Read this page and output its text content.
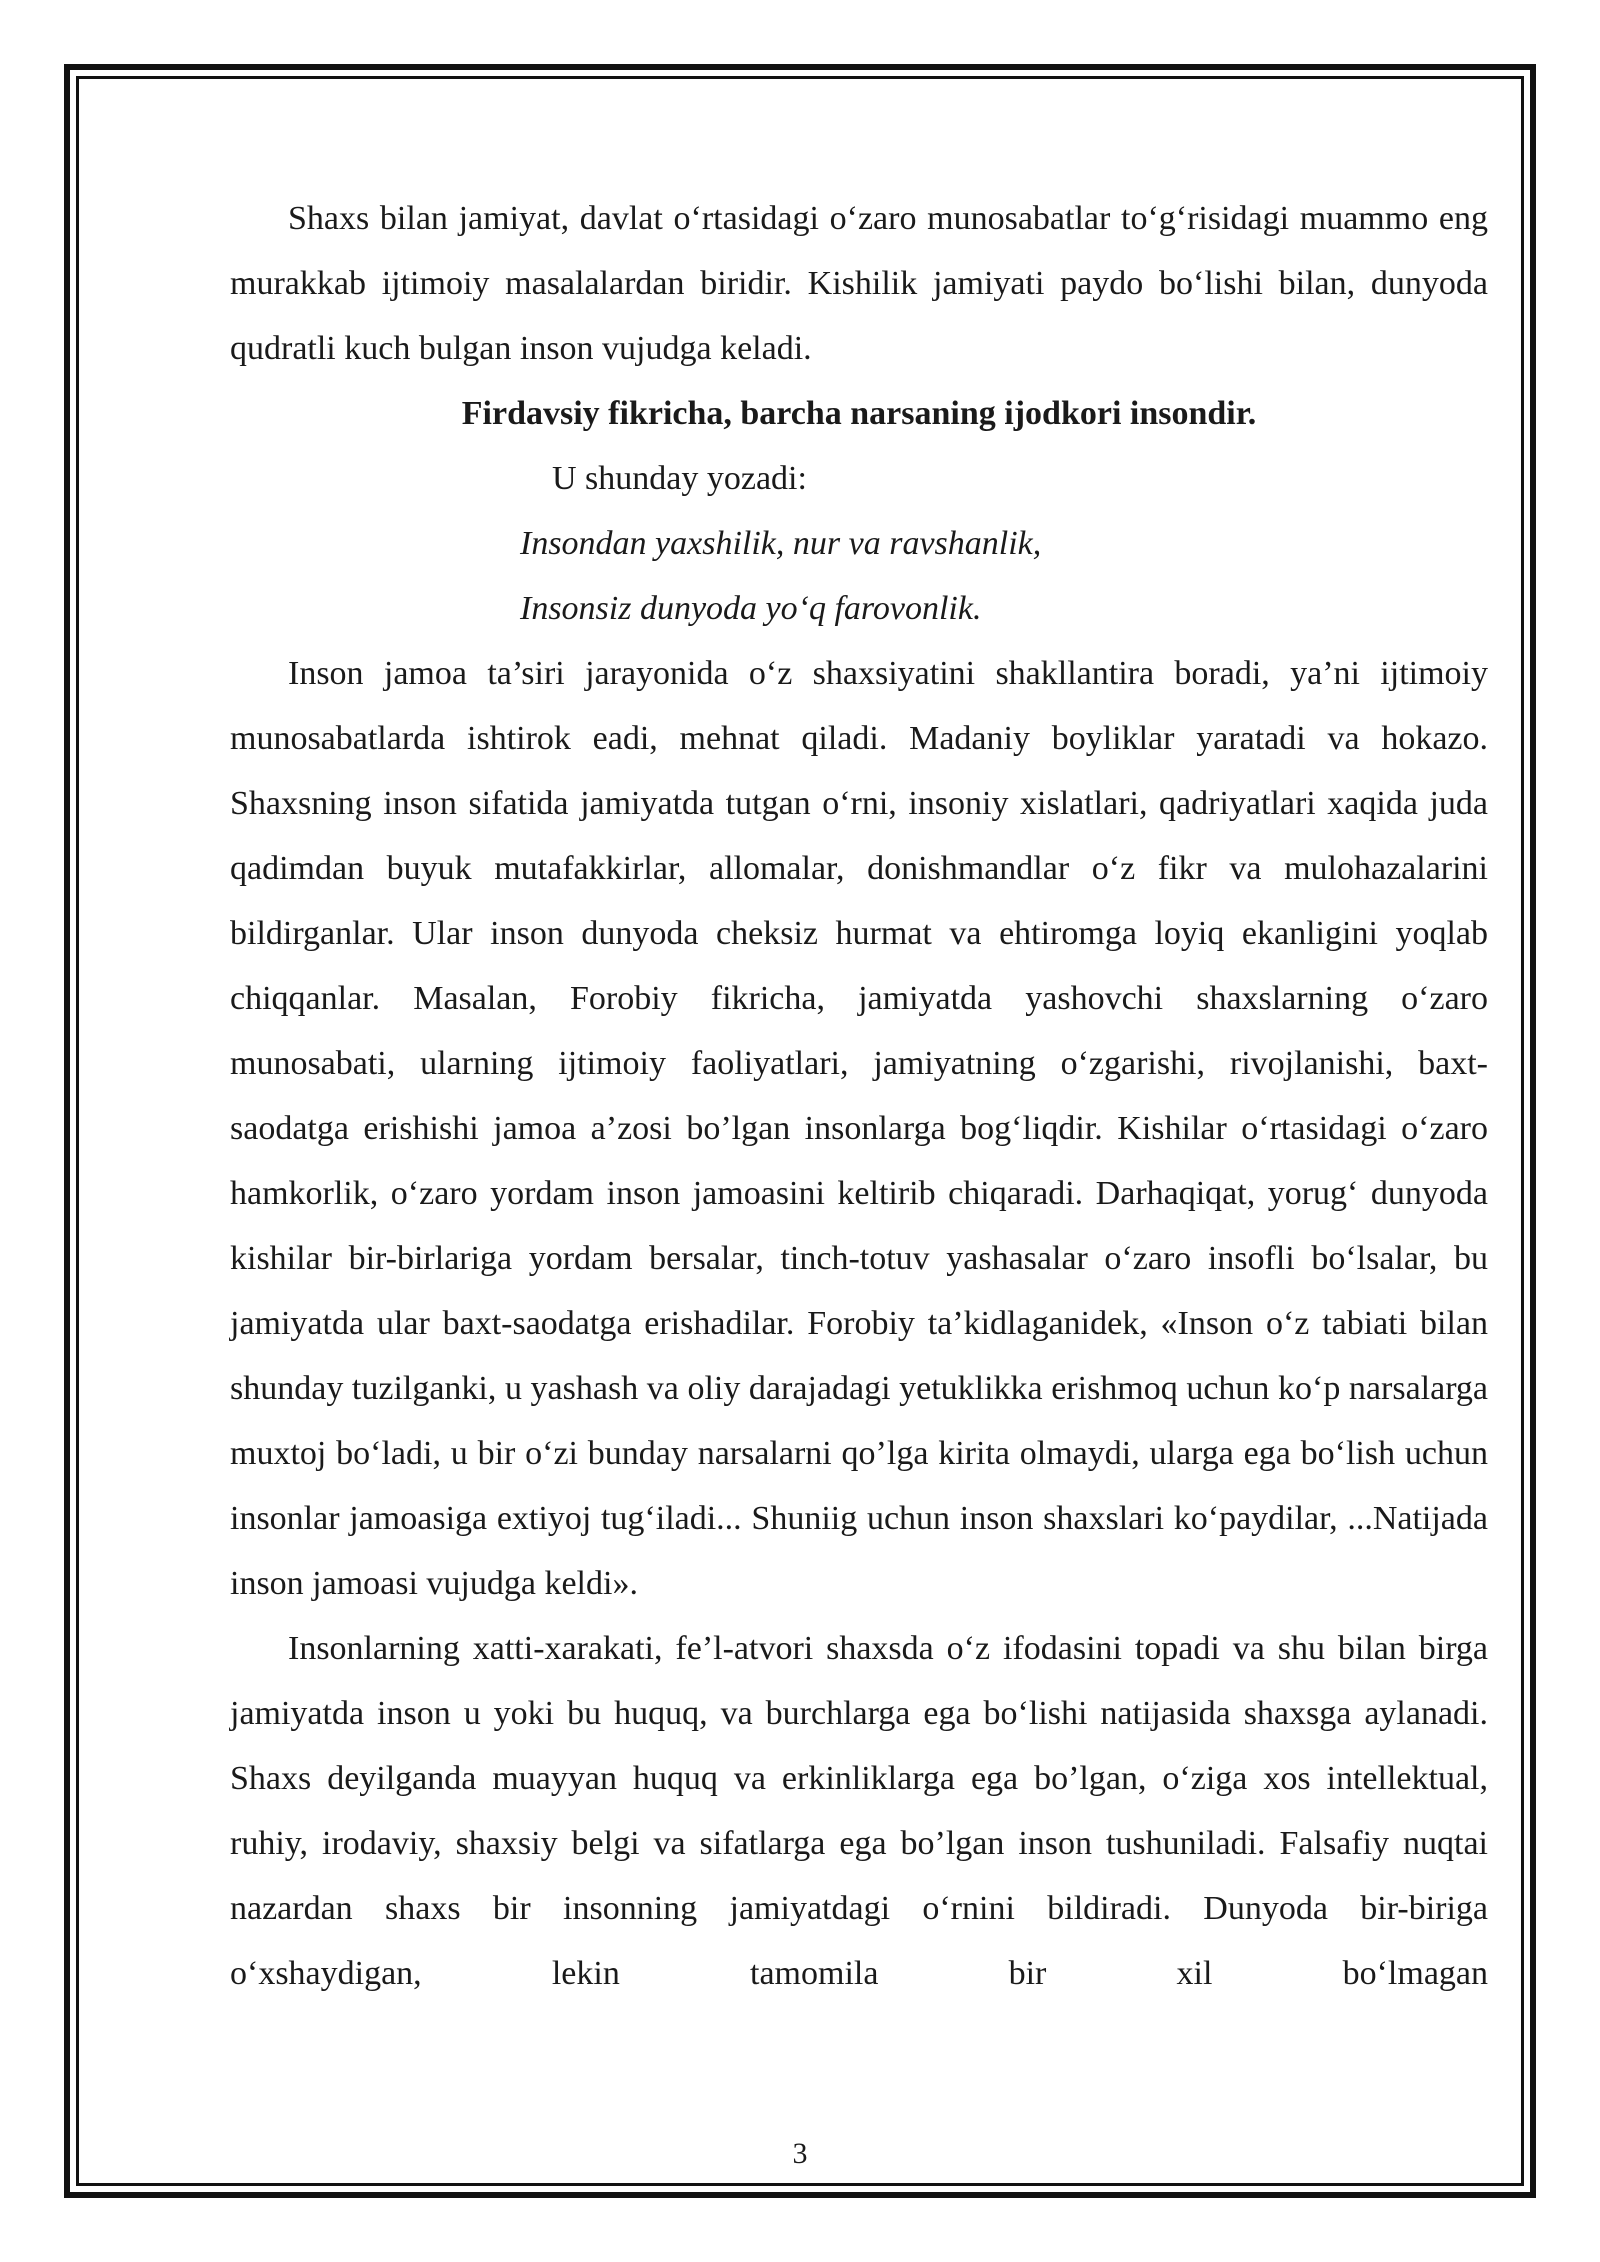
Shaxs bilan jamiyat, davlat o‘rtasidagi o‘zaro munosabatlar to‘g‘risidagi muammo eng murakkab ijtimoiy masalalardan biridir. Kishilik jamiyati paydo bo‘lishi bilan, dunyoda qudratli kuch bulgan inson vujudga keladi.

Firdavsiy fikricha, barcha narsaning ijodkori insondir.

U shunday yozadi:

Insondan yaxshilik, nur va ravshanlik,

Insonsiz dunyoda yo‘q farovonlik.

Inson jamoa ta’siri jarayonida o‘z shaxsiyatini shakllantira boradi, ya’ni ijtimoiy munosabatlarda ishtirok eadi, mehnat qiladi. Madaniy boyliklar yaratadi va hokazo. Shaxsning inson sifatida jamiyatda tutgan o‘rni, insoniy xislatlari, qadriyatlari xaqida juda qadimdan buyuk mutafakkirlar, allomalar, donishmandlar o‘z fikr va mulohazalarini bildirganlar. Ular inson dunyoda cheksiz hurmat va ehtiromga loyiq ekanligini yoqlab chiqqanlar. Masalan, Forobiy fikricha, jamiyatda yashovchi shaxslarning o‘zaro munosabati, ularning ijtimoiy faoliyatlari, jamiyatning o‘zgarishi, rivojlanishi, baxt-saodatga erishishi jamoa a’zosi bo’lgan insonlarga bog‘liqdir. Kishilar o‘rtasidagi o‘zaro hamkorlik, o‘zaro yordam inson jamoasini keltirib chiqaradi. Darhaqiqat, yorug‘ dunyoda kishilar bir-birlariga yordam bersalar, tinch-totuv yashasalar o‘zaro insofli bo‘lsalar, bu jamiyatda ular baxt-saodatga erishadilar. Forobiy ta’kidlaganidek, «Inson o‘z tabiati bilan shunday tuzilganki, u yashash va oliy darajadagi yetuklikka erishmoq uchun ko‘p narsalarga muxtoj bo‘ladi, u bir o‘zi bunday narsalarni qo’lga kirita olmaydi, ularga ega bo‘lish uchun insonlar jamoasiga extiyoj tug‘iladi... Shuniig uchun inson shaxslari ko‘paydilar, ...Natijada inson jamoasi vujudga keldi».

Insonlarning xatti-xarakati, fe’l-atvori shaxsda o‘z ifodasini topadi va shu bilan birga jamiyatda inson u yoki bu huquq, va burchlarga ega bo‘lishi natijasida shaxsga aylanadi. Shaxs deyilganda muayyan huquq va erkinliklarga ega bo’lgan, o‘ziga xos intellektual, ruhiy, irodaviy, shaxsiy belgi va sifatlarga ega bo’lgan inson tushuniladi. Falsafiy nuqtai nazardan shaxs bir insonning jamiyatdagi o‘rnini bildiradi. Dunyoda bir-biriga o‘xshaydigan, lekin tamomila bir xil bo‘lmagan

3
